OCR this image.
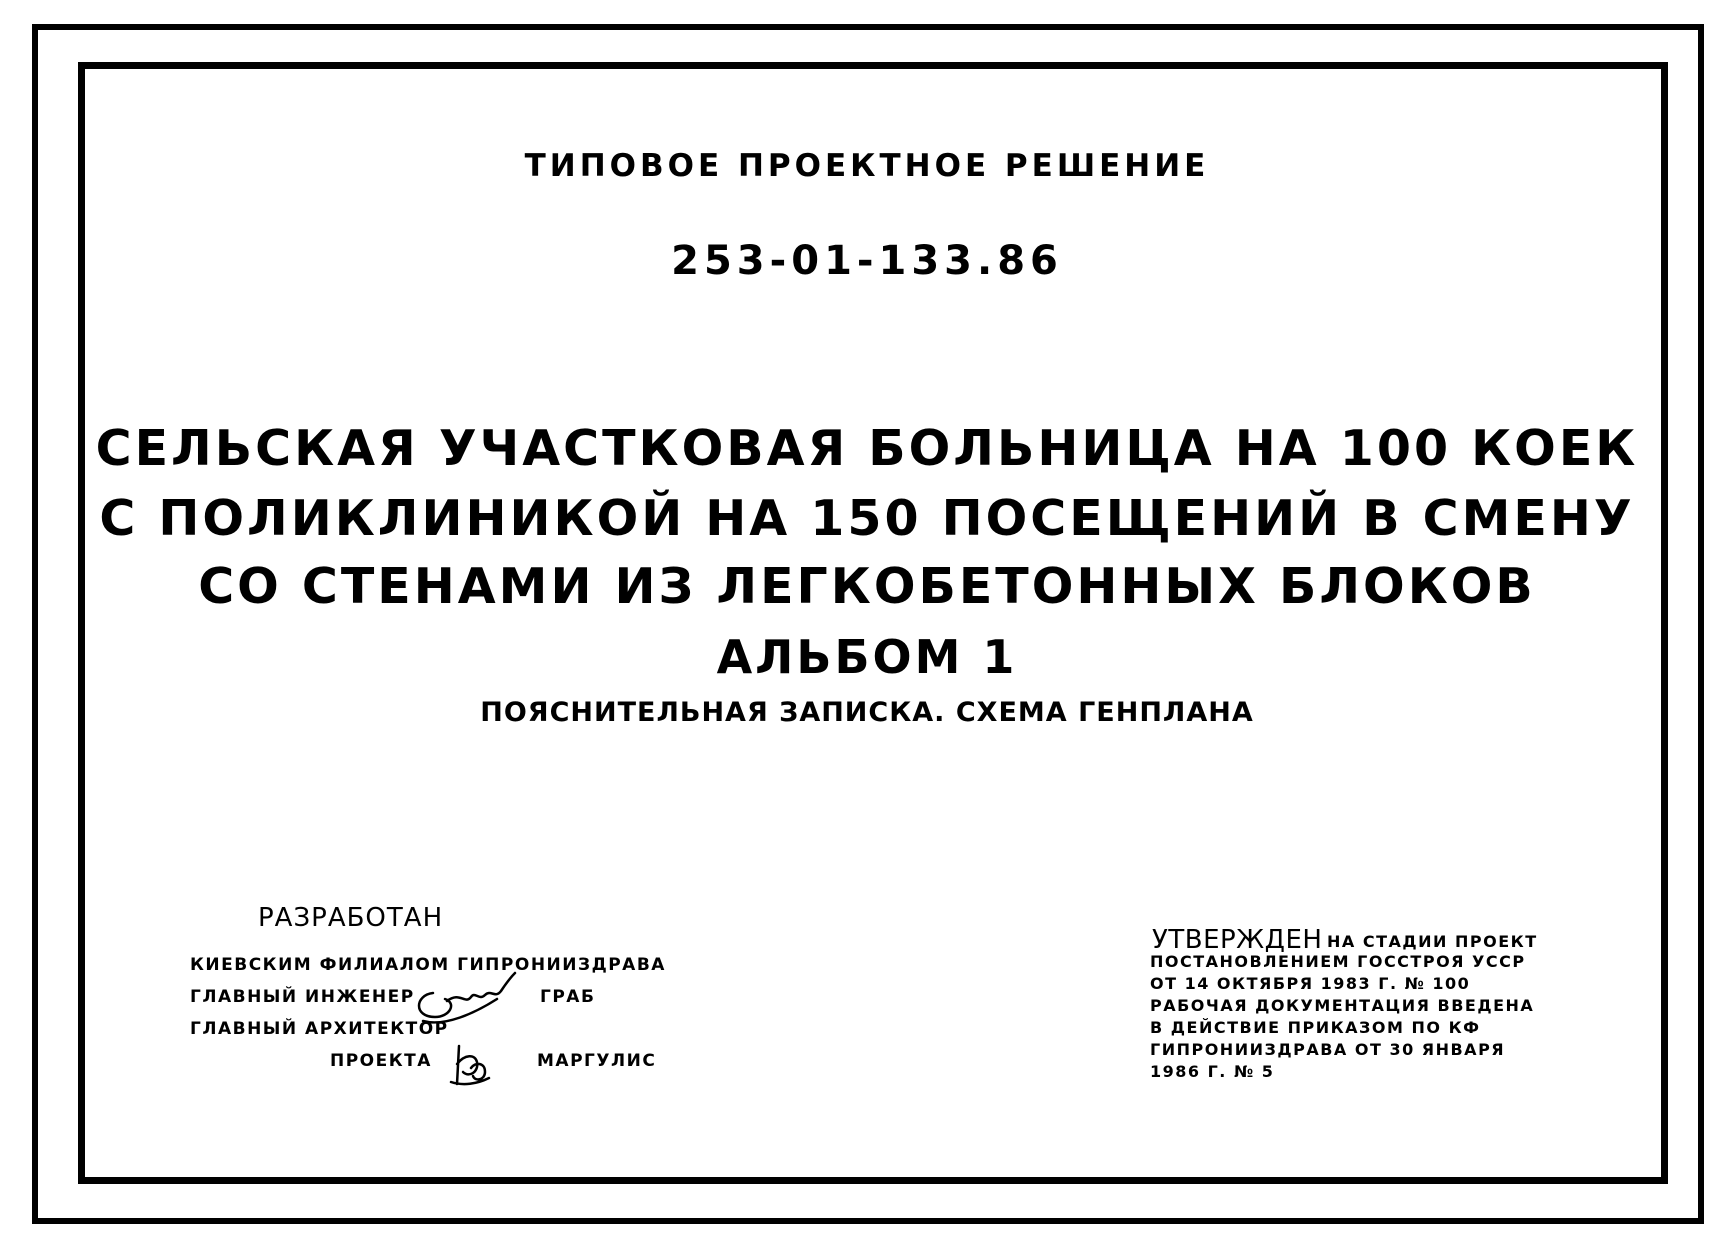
ТИПОВОЕ ПРОЕКТНОЕ РЕШЕНИЕ
253-01-133.86
СЕЛЬСКАЯ УЧАСТКОВАЯ БОЛЬНИЦА НА 100 КОЕК
С ПОЛИКЛИНИКОЙ НА 150 ПОСЕЩЕНИЙ В СМЕНУ
СО СТЕНАМИ ИЗ ЛЕГКОБЕТОННЫХ БЛОКОВ
АЛЬБОМ 1
ПОЯСНИТЕЛЬНАЯ ЗАПИСКА. СХЕМА ГЕНПЛАНА
РАЗРАБОТАН
КИЕВСКИМ ФИЛИАЛОМ ГИПРОНИИЗДРАВА
ГЛАВНЫЙ ИНЖЕНЕР	ГРАБ
ГЛАВНЫЙ АРХИТЕКТОР
ПРОЕКТА	МАРГУЛИС
УТВЕРЖДЕН НА СТАДИИ ПРОЕКТ
ПОСТАНОВЛЕНИЕМ ГОССТРОЯ УССР
ОТ 14 ОКТЯБРЯ 1983 Г. № 100
РАБОЧАЯ ДОКУМЕНТАЦИЯ ВВЕДЕНА
В ДЕЙСТВИЕ ПРИКАЗОМ ПО КФ
ГИПРОНИИЗДРАВА ОТ 30 ЯНВАРЯ
1986 Г. № 5
